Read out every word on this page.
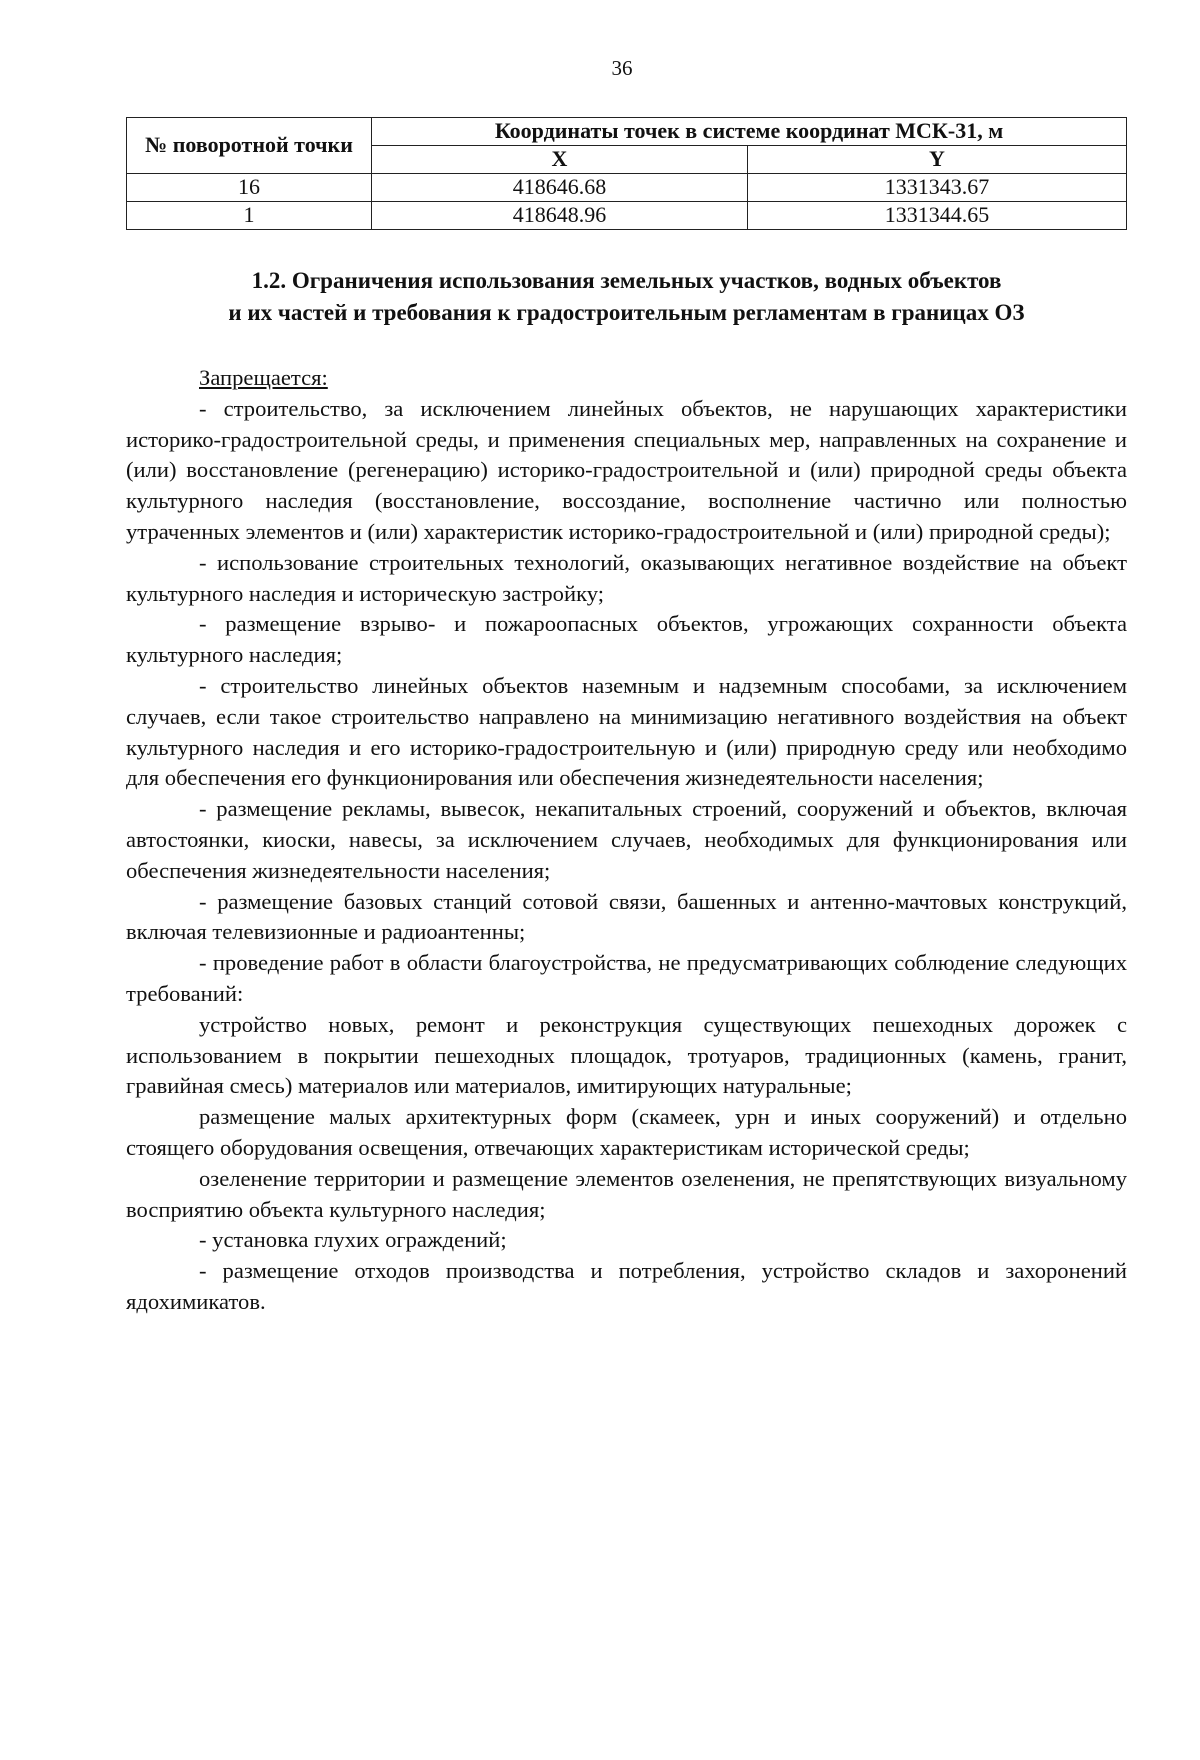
36
№ поворотной точки	Координаты точек в системе координат МСК-31, м	
	X	Y
16	418646.68	1331343.67
1	418648.96	1331344.65
1.2. Ограничения использования земельных участков, водных объектов
и их частей и требования к градостроительным регламентам в границах ОЗ

Запрещается:

- строительство, за исключением линейных объектов, не нарушающих характеристики историко-градостроительной среды, и применения специальных мер, направленных на сохранение и (или) восстановление (регенерацию) историко-градостроительной и (или) природной среды объекта культурного наследия (восстановление, воссоздание, восполнение частично или полностью утраченных элементов и (или) характеристик историко-градостроительной и (или) природной среды);

- использование строительных технологий, оказывающих негативное воздействие на объект культурного наследия и историческую застройку;

- размещение взрыво- и пожароопасных объектов, угрожающих сохранности объекта культурного наследия;

- строительство линейных объектов наземным и надземным способами, за исключением случаев, если такое строительство направлено на минимизацию негативного воздействия на объект культурного наследия и его историко-градостроительную и (или) природную среду или необходимо для обеспечения его функционирования или обеспечения жизнедеятельности населения;

- размещение рекламы, вывесок, некапитальных строений, сооружений и объектов, включая автостоянки, киоски, навесы, за исключением случаев, необходимых для функционирования или обеспечения жизнедеятельности населения;

- размещение базовых станций сотовой связи, башенных и антенно-мачтовых конструкций, включая телевизионные и радиоантенны;

- проведение работ в области благоустройства, не предусматривающих соблюдение следующих требований:

устройство новых, ремонт и реконструкция существующих пешеходных дорожек с использованием в покрытии пешеходных площадок, тротуаров, традиционных (камень, гранит, гравийная смесь) материалов или материалов, имитирующих натуральные;

размещение малых архитектурных форм (скамеек, урн и иных сооружений) и отдельно стоящего оборудования освещения, отвечающих характеристикам исторической среды;

озеленение территории и размещение элементов озеленения, не препятствующих визуальному восприятию объекта культурного наследия;

- установка глухих ограждений;

- размещение отходов производства и потребления, устройство складов и захоронений ядохимикатов.
